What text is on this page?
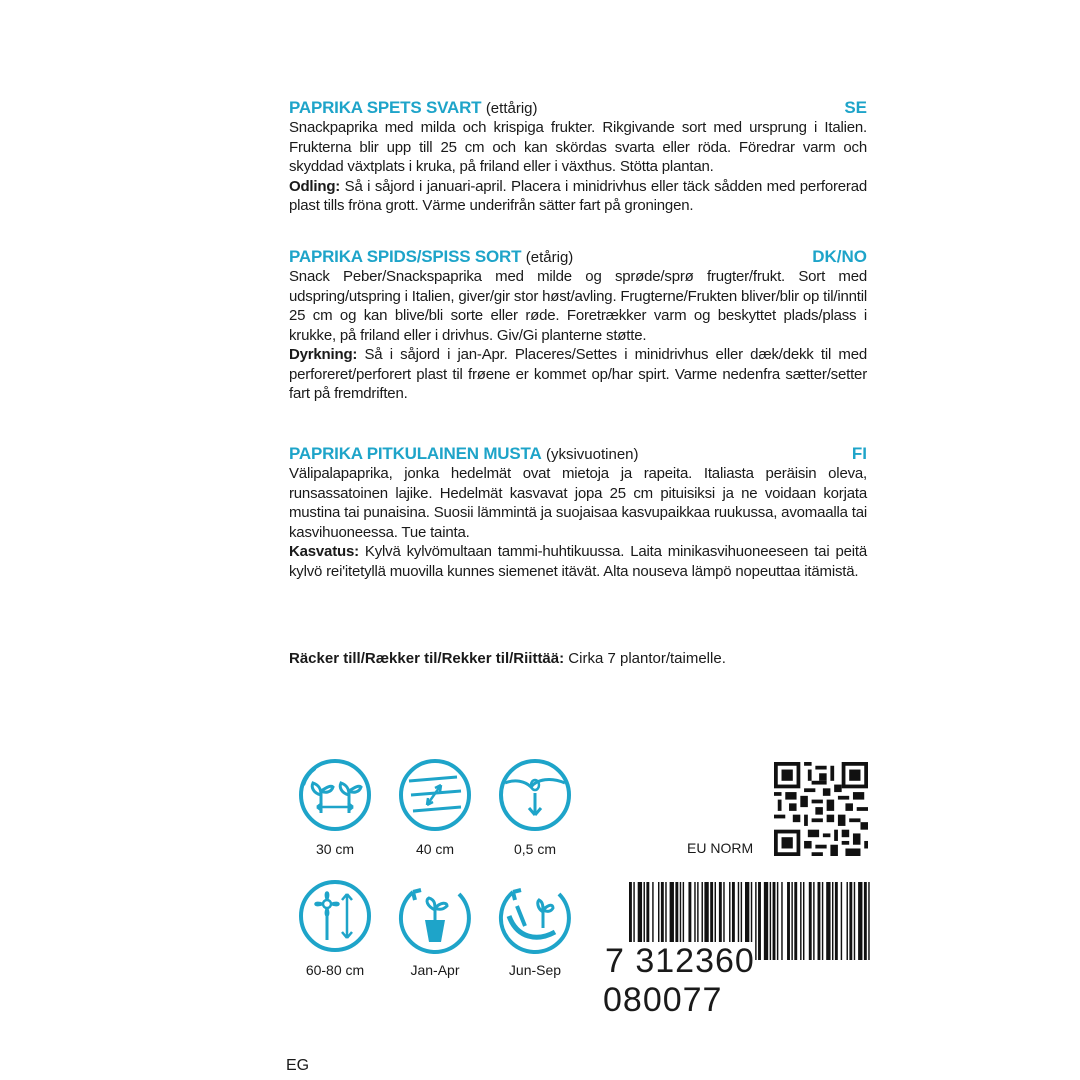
PAPRIKA SPETS SVART (ettårig)	SE
Snackpaprika med milda och krispiga frukter. Rikgivande sort med ursprung i Italien. Frukterna blir upp till 25 cm och kan skördas svarta eller röda. Föredrar varm och skyddad växtplats i kruka, på friland eller i växthus. Stötta plantan.
Odling: Så i såjord i januari-april. Placera i minidrivhus eller täck sådden med perforerad plast tills fröna grott. Värme underifrån sätter fart på groningen.
PAPRIKA SPIDS/SPISS SORT (etårig)	DK/NO
Snack Peber/Snackspaprika med milde og sprøde/sprø frugter/frukt. Sort med udspring/utspring i Italien, giver/gir stor høst/avling. Frugterne/Frukten bliver/blir op til/inntil 25 cm og kan blive/bli sorte eller røde. Foretrækker varm og beskyttet plads/plass i krukke, på friland eller i drivhus. Giv/Gi planterne støtte.
Dyrkning: Så i såjord i jan-Apr. Placeres/Settes i minidrivhus eller dæk/dekk til med perforeret/perforert plast til frøene er kommet op/har spirt. Varme nedenfra sætter/setter fart på fremdriften.
PAPRIKA PITKULAINEN MUSTA (yksivuotinen)	FI
Välipalapaprika, jonka hedelmät ovat mietoja ja rapeita. Italiasta peräisin oleva, runsassatoinen lajike. Hedelmät kasvavat jopa 25 cm pituisiksi ja ne voidaan korjata mustina tai punaisina. Suosii lämmintä ja suojaisaa kasvupaikkaa ruukussa, avomaalla tai kasvihuoneessa. Tue tainta.
Kasvatus: Kylvä kylvömultaan tammi-huhtikuussa. Laita minikasvihuoneeseen tai peitä kylvö rei'itetyllä muovilla kunnes siemenet itävät. Alta nouseva lämpö nopeuttaa itämistä.
Räcker till/Rækker til/Rekker til/Riittää: Cirka 7 plantor/taimelle.
30 cm	40 cm	0,5 cm
60-80 cm	Jan-Apr	Jun-Sep
EU NORM
7 312360 080077
EG
